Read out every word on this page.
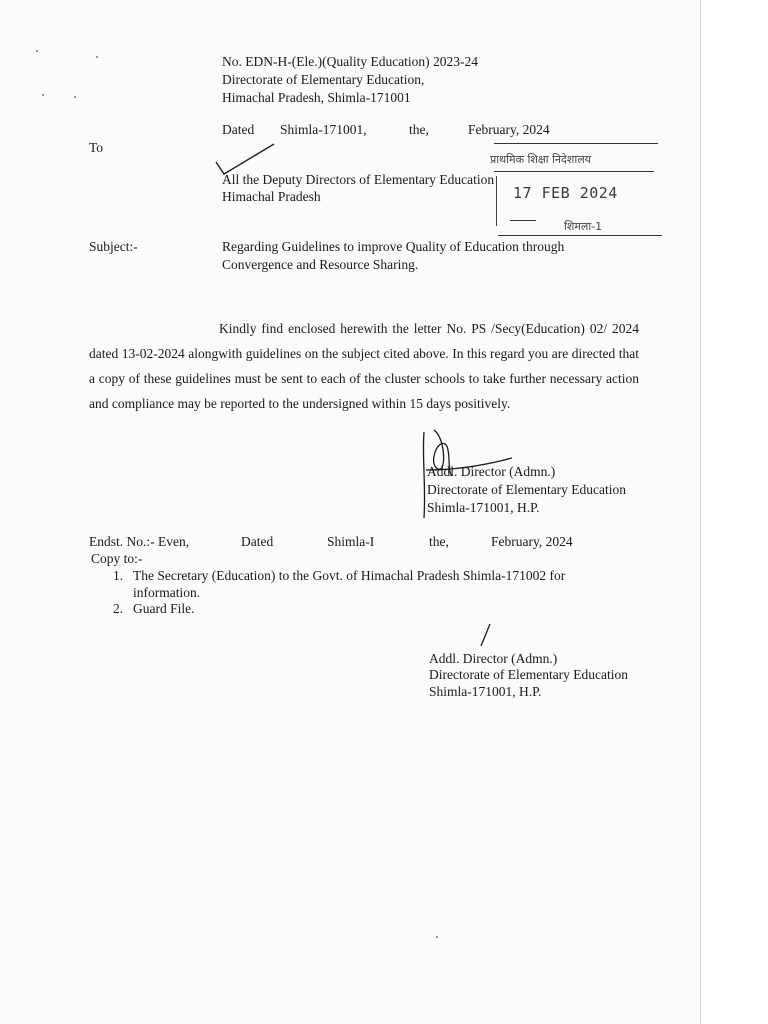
No. EDN-H-(Ele.)(Quality Education) 2023-24
Directorate of Elementary Education,
Himachal Pradesh, Shimla-171001
Dated Shimla-171001,	the,	February, 2024
To
All the Deputy Directors of Elementary Education
Himachal Pradesh
प्राथमिक शिक्षा निदेशालय
17 FEB 2024
शिमला-1
Subject:-	Regarding Guidelines to improve Quality of Education through
Convergence and Resource Sharing.
Kindly find enclosed herewith the letter No. PS /Secy(Education) 02/ 2024 dated 13-02-2024 alongwith guidelines on the subject cited above. In this regard you are directed that a copy of these guidelines must be sent to each of the cluster schools to take further necessary action and compliance may be reported to the undersigned within 15 days positively.
Addl. Director (Admn.)
Directorate of Elementary Education
Shimla-171001, H.P.
Endst. No.:- Even,	Dated	Shimla-I	the,	February, 2024
Copy to:-
1. The Secretary (Education) to the Govt. of Himachal Pradesh Shimla-171002 for
information.
2. Guard File.
Addl. Director (Admn.)
Directorate of Elementary Education
Shimla-171001, H.P.
